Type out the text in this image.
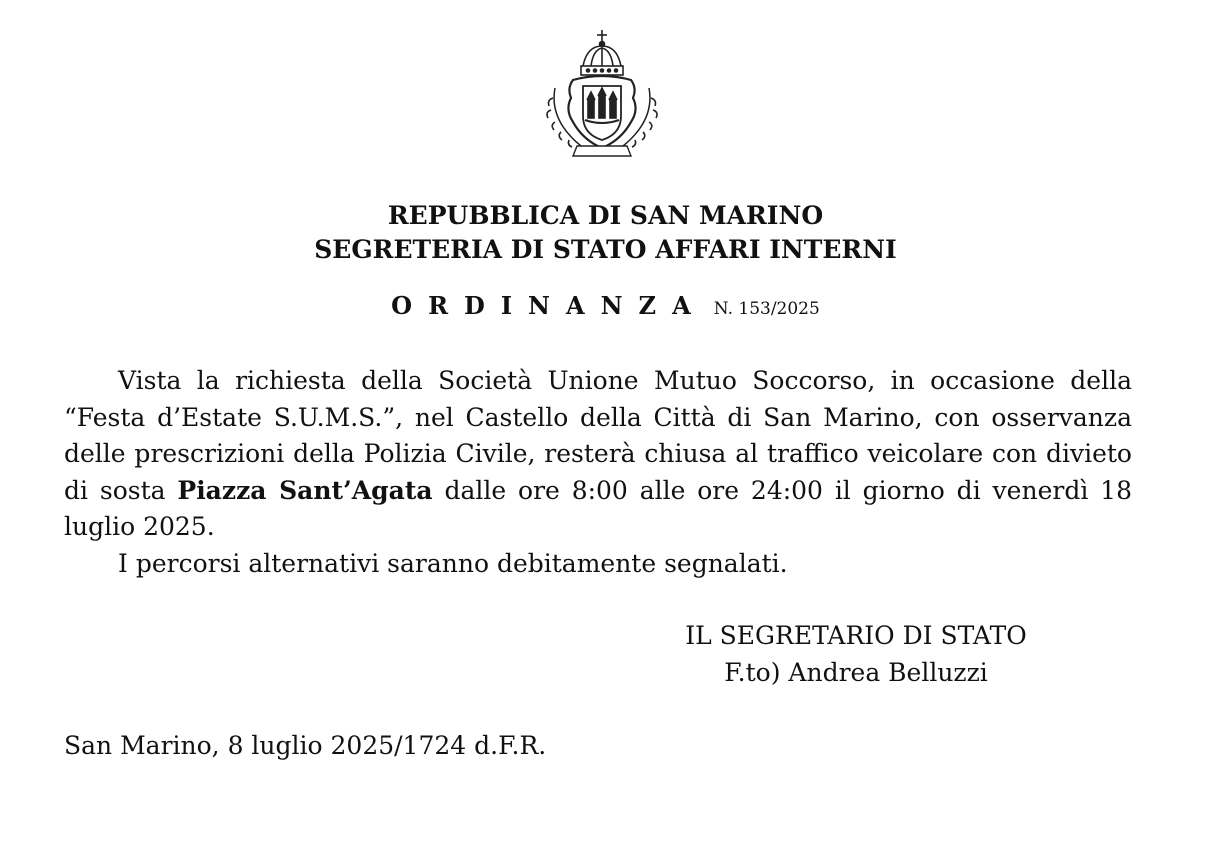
REPUBBLICA DI SAN MARINO
SEGRETERIA DI STATO AFFARI INTERNI
ORDINANZA N. 153/2025

Vista la richiesta della Società Unione Mutuo Soccorso, in occasione della “Festa d’Estate S.U.M.S.”, nel Castello della Città di San Marino, con osservanza delle prescrizioni della Polizia Civile, resterà chiusa al traffico veicolare con divieto di sosta Piazza Sant’Agata dalle ore 8:00 alle ore 24:00 il giorno di venerdì 18 luglio 2025.

I percorsi alternativi saranno debitamente segnalati.

IL SEGRETARIO DI STATO
F.to) Andrea Belluzzi
San Marino, 8 luglio 2025/1724 d.F.R.
